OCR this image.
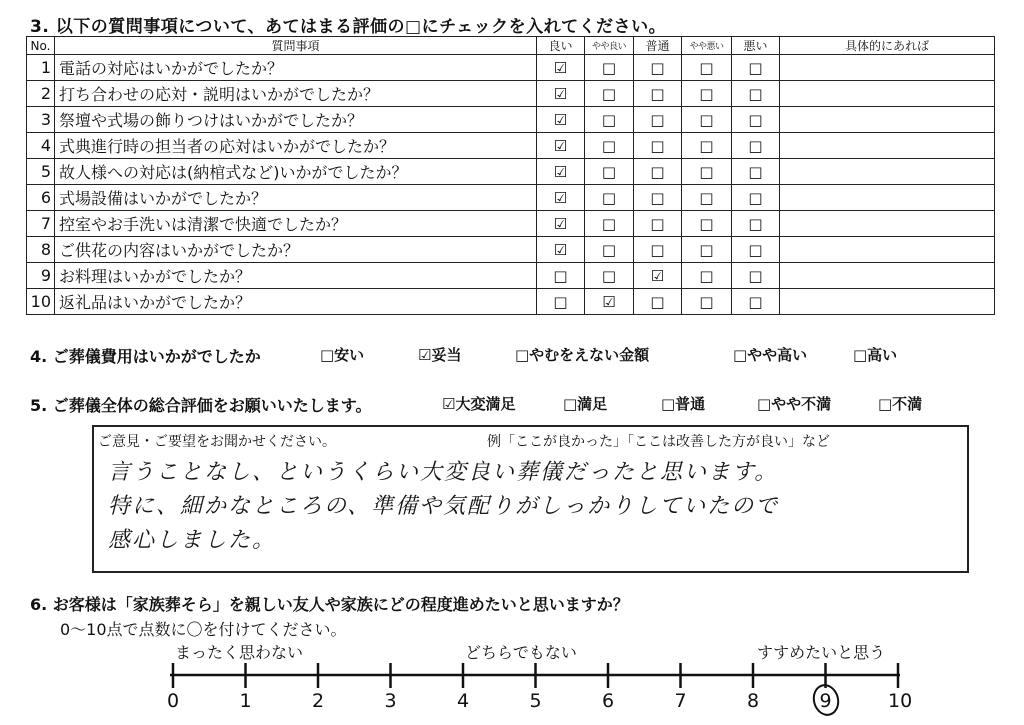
3. 以下の質問事項について、あてはまる評価の□にチェックを入れてください。
No.	質問事項	良い	やや良い	普通	やや悪い	悪い	具体的にあれば
1	電話の対応はいかがでしたか？	☑	□	□	□	□	
2	打ち合わせの応対・説明はいかがでしたか？	☑	□	□	□	□	
3	祭壇や式場の飾りつけはいかがでしたか？	☑	□	□	□	□	
4	式典進行時の担当者の応対はいかがでしたか？	☑	□	□	□	□	
5	故人様への対応は(納棺式など)いかがでしたか？	☑	□	□	□	□	
6	式場設備はいかがでしたか？	☑	□	□	□	□	
7	控室やお手洗いは清潔で快適でしたか？	☑	□	□	□	□	
8	ご供花の内容はいかがでしたか？	☑	□	□	□	□	
9	お料理はいかがでしたか？	□	□	☑	□	□	
10	返礼品はいかがでしたか？	□	☑	□	□	□	
4. ご葬儀費用はいかがでしたか	□安い	☑妥当	□やむをえない金額	□やや高い	□高い
5. ご葬儀全体の総合評価をお願いいたします。	☑大変満足	□満足	□普通	□やや不満	□不満
ご意見・ご要望をお聞かせください。	例「ここが良かった」「ここは改善した方が良い」など
言うことなし、というくらい大変良い葬儀だったと思います。
特に、細かなところの、準備や気配りがしっかりしていたので
感心しました。
6. お客様は「家族葬そら」を親しい友人や家族にどの程度進めたいと思いますか？
0～10点で点数に〇を付けてください。
まったく思わない	どちらでもない	すすめたいと思う
0	1	2	3	4	5	6	7	8	9	10
